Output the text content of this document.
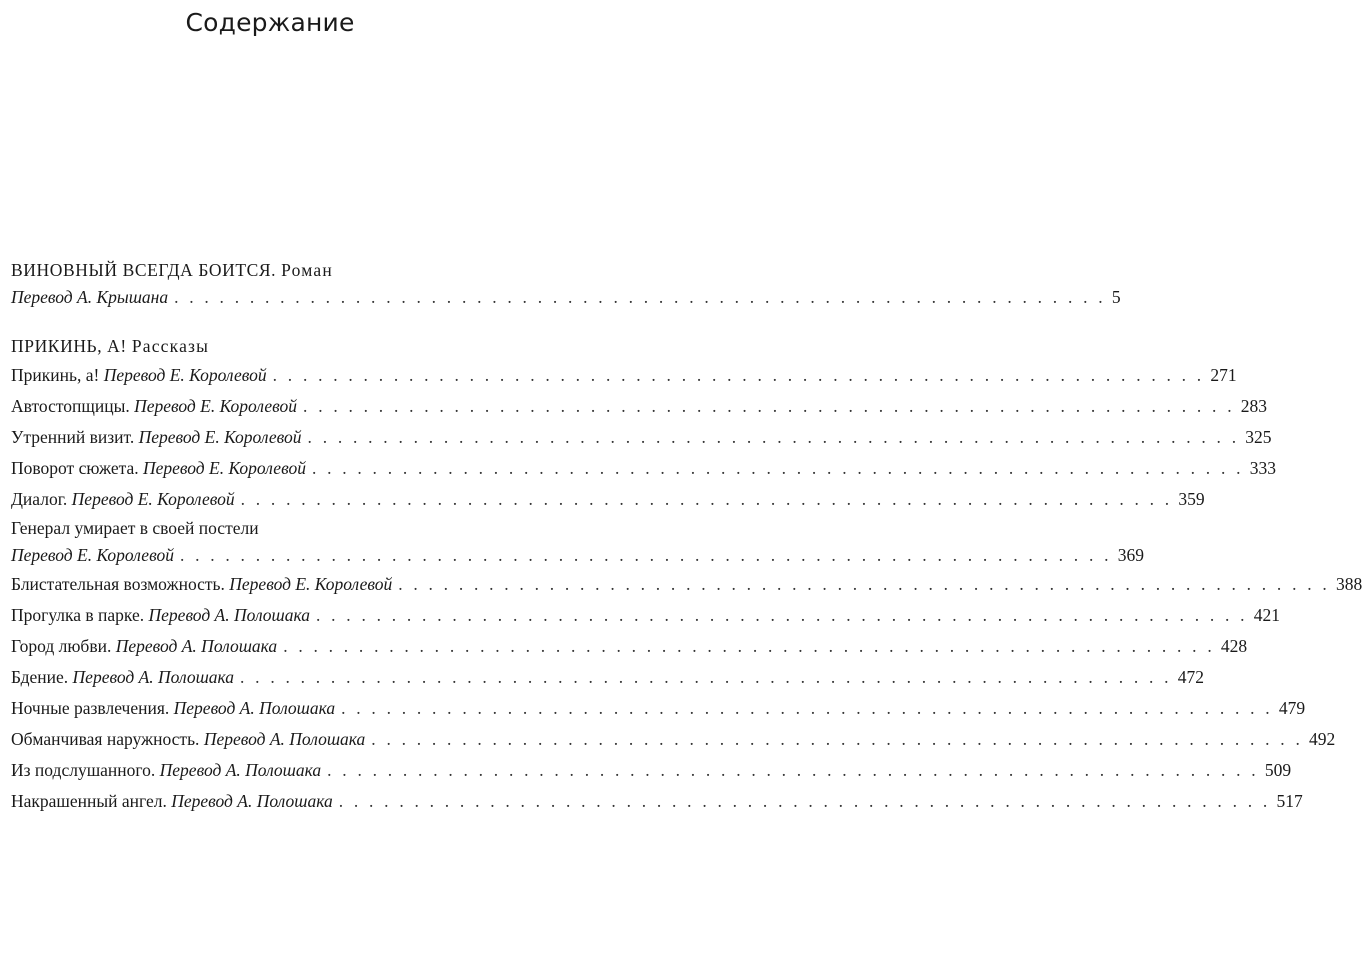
Содержание
ВИНОВНЫЙ ВСЕГДА БОИТСЯ. Роман
Перевод А. Крышана . . . . . . . . . . . . . . . . . . . . . . . . . . . . . . . . . . . . . . . . . . . . . . . . . . . . . . . . . . . . . . 5
ПРИКИНЬ, А! Рассказы
Прикинь, а! Перевод Е. Королевой . . . . . . . . . . . . . . . . . . . . . . . . . . . . . . . . . . . . . . . . . . . . . . . . . . . . . . . . . . . . . . 271
Автостопщицы. Перевод Е. Королевой . . . . . . . . . . . . . . . . . . . . . . . . . . . . . . . . . . . . . . . . . . . . . . . . . . . . . . . . . . . . . . 283
Утренний визит. Перевод Е. Королевой . . . . . . . . . . . . . . . . . . . . . . . . . . . . . . . . . . . . . . . . . . . . . . . . . . . . . . . . . . . . . . 325
Поворот сюжета. Перевод Е. Королевой . . . . . . . . . . . . . . . . . . . . . . . . . . . . . . . . . . . . . . . . . . . . . . . . . . . . . . . . . . . . . . 333
Диалог. Перевод Е. Королевой . . . . . . . . . . . . . . . . . . . . . . . . . . . . . . . . . . . . . . . . . . . . . . . . . . . . . . . . . . . . . . 359
Генерал умирает в своей постели
Перевод Е. Королевой . . . . . . . . . . . . . . . . . . . . . . . . . . . . . . . . . . . . . . . . . . . . . . . . . . . . . . . . . . . . . . 369
Блистательная возможность. Перевод Е. Королевой . . . . . . . . . . . . . . . . . . . . . . . . . . . . . . . . . . . . . . . . . . . . . . . . . . . . . . . . . . . . . . 388
Прогулка в парке. Перевод А. Полошака . . . . . . . . . . . . . . . . . . . . . . . . . . . . . . . . . . . . . . . . . . . . . . . . . . . . . . . . . . . . . . 421
Город любви. Перевод А. Полошака . . . . . . . . . . . . . . . . . . . . . . . . . . . . . . . . . . . . . . . . . . . . . . . . . . . . . . . . . . . . . . 428
Бдение. Перевод А. Полошака . . . . . . . . . . . . . . . . . . . . . . . . . . . . . . . . . . . . . . . . . . . . . . . . . . . . . . . . . . . . . . 472
Ночные развлечения. Перевод А. Полошака . . . . . . . . . . . . . . . . . . . . . . . . . . . . . . . . . . . . . . . . . . . . . . . . . . . . . . . . . . . . . . 479
Обманчивая наружность. Перевод А. Полошака . . . . . . . . . . . . . . . . . . . . . . . . . . . . . . . . . . . . . . . . . . . . . . . . . . . . . . . . . . . . . . 492
Из подслушанного. Перевод А. Полошака . . . . . . . . . . . . . . . . . . . . . . . . . . . . . . . . . . . . . . . . . . . . . . . . . . . . . . . . . . . . . . 509
Накрашенный ангел. Перевод А. Полошака . . . . . . . . . . . . . . . . . . . . . . . . . . . . . . . . . . . . . . . . . . . . . . . . . . . . . . . . . . . . . . 517
